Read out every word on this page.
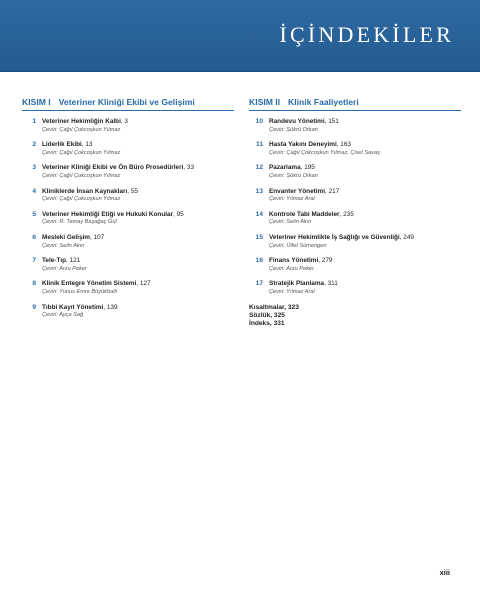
İÇİNDEKİLER
KISIM I Veteriner Kliniği Ekibi ve Gelişimi
1 Veteriner Hekimliğin Kalbi, 3
Çeviri: Çağıl Çokcoşkun Yılmaz
2 Liderlik Ekibi, 13
Çeviri: Çağıl Çokcoşkun Yılmaz
3 Veteriner Kliniği Ekibi ve Ön Büro Prosedürleri, 33
Çeviri: Çağıl Çokcoşkun Yılmaz
4 Kliniklerde İnsan Kaynakları, 55
Çeviri: Çağıl Çokcoşkun Yılmaz
5 Veteriner Hekimliği Etiği ve Hukuki Konular, 95
Çeviri: R. Tamay Başağaç Gül
6 Mesleki Gelişim, 107
Çeviri: Selin Akın
7 Tele-Tıp, 121
Çeviri: Arzu Peker
8 Klinik Entegre Yönetim Sistemi, 127
Çeviri: Yunus Emre Büyükballı
9 Tıbbi Kayıt Yönetimi, 139
Çeviri: Ayça Sağ
KISIM II Klinik Faaliyetleri
10 Randevu Yönetimi, 151
Çeviri: Şükrü Orkan
11 Hasta Yakını Deneyimi, 163
Çeviri: Çağıl Çokcoşkun Yılmaz, Çisel Savaş
12 Pazarlama, 195
Çeviri: Şükrü Orkan
13 Envanter Yönetimi, 217
Çeviri: Yılmaz Aral
14 Kontrole Tabi Maddeler, 235
Çeviri: Selin Akın
15 Veteriner Hekimlikte İş Sağlığı ve Güvenliği, 249
Çeviri: Ülfet Sümengen
16 Finans Yönetimi, 279
Çeviri: Arzu Peker
17 Stratejik Planlama, 311
Çeviri: Yılmaz Aral
Kısaltmalar, 323
Sözlük, 325
İndeks, 331
xiii
